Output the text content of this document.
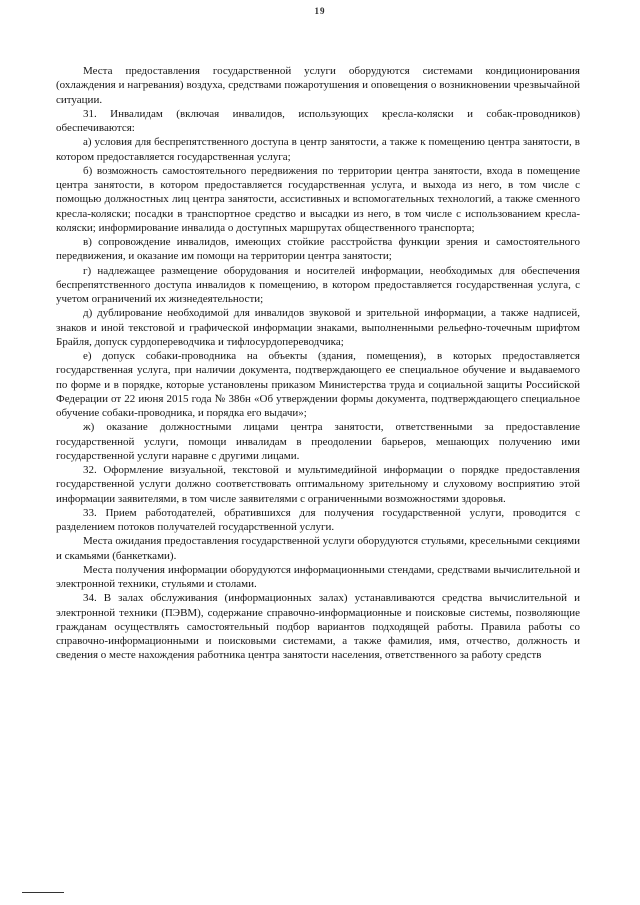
19

Места предоставления государственной услуги оборудуются системами кондиционирования (охлаждения и нагревания) воздуха, средствами пожаротушения и оповещения о возникновении чрезвычайной ситуации.

31. Инвалидам (включая инвалидов, использующих кресла-коляски и собак-проводников) обеспечиваются:

а) условия для беспрепятственного доступа в центр занятости, а также к помещению центра занятости, в котором предоставляется государственная услуга;

б) возможность самостоятельного передвижения по территории центра занятости, входа в помещение центра занятости, в котором предоставляется государственная услуга, и выхода из него, в том числе с помощью должностных лиц центра занятости, ассистивных и вспомогательных технологий, а также сменного кресла-коляски; посадки в транспортное средство и высадки из него, в том числе с использованием кресла-коляски; информирование инвалида о доступных маршрутах общественного транспорта;

в) сопровождение инвалидов, имеющих стойкие расстройства функции зрения и самостоятельного передвижения, и оказание им помощи на территории центра занятости;

г) надлежащее размещение оборудования и носителей информации, необходимых для обеспечения беспрепятственного доступа инвалидов к помещению, в котором предоставляется государственная услуга, с учетом ограничений их жизнедеятельности;

д) дублирование необходимой для инвалидов звуковой и зрительной информации, а также надписей, знаков и иной текстовой и графической информации знаками, выполненными рельефно-точечным шрифтом Брайля, допуск сурдопереводчика и тифлосурдопереводчика;

е) допуск собаки-проводника на объекты (здания, помещения), в которых предоставляется государственная услуга, при наличии документа, подтверждающего ее специальное обучение и выдаваемого по форме и в порядке, которые установлены приказом Министерства труда и социальной защиты Российской Федерации от 22 июня 2015 года № 386н «Об утверждении формы документа, подтверждающего специальное обучение собаки-проводника, и порядка его выдачи»;

ж) оказание должностными лицами центра занятости, ответственными за предоставление государственной услуги, помощи инвалидам в преодолении барьеров, мешающих получению ими государственной услуги наравне с другими лицами.

32. Оформление визуальной, текстовой и мультимедийной информации о порядке предоставления государственной услуги должно соответствовать оптимальному зрительному и слуховому восприятию этой информации заявителями, в том числе заявителями с ограниченными возможностями здоровья.

33. Прием работодателей, обратившихся для получения государственной услуги, проводится с разделением потоков получателей государственной услуги.

Места ожидания предоставления государственной услуги оборудуются стульями, кресельными секциями и скамьями (банкетками).

Места получения информации оборудуются информационными стендами, средствами вычислительной и электронной техники, стульями и столами.

34. В залах обслуживания (информационных залах) устанавливаются средства вычислительной и электронной техники (ПЭВМ), содержание справочно-информационные и поисковые системы, позволяющие гражданам осуществлять самостоятельный подбор вариантов подходящей работы. Правила работы со справочно-информационными и поисковыми системами, а также фамилия, имя, отчество, должность и сведения о месте нахождения работника центра занятости населения, ответственного за работу средств
